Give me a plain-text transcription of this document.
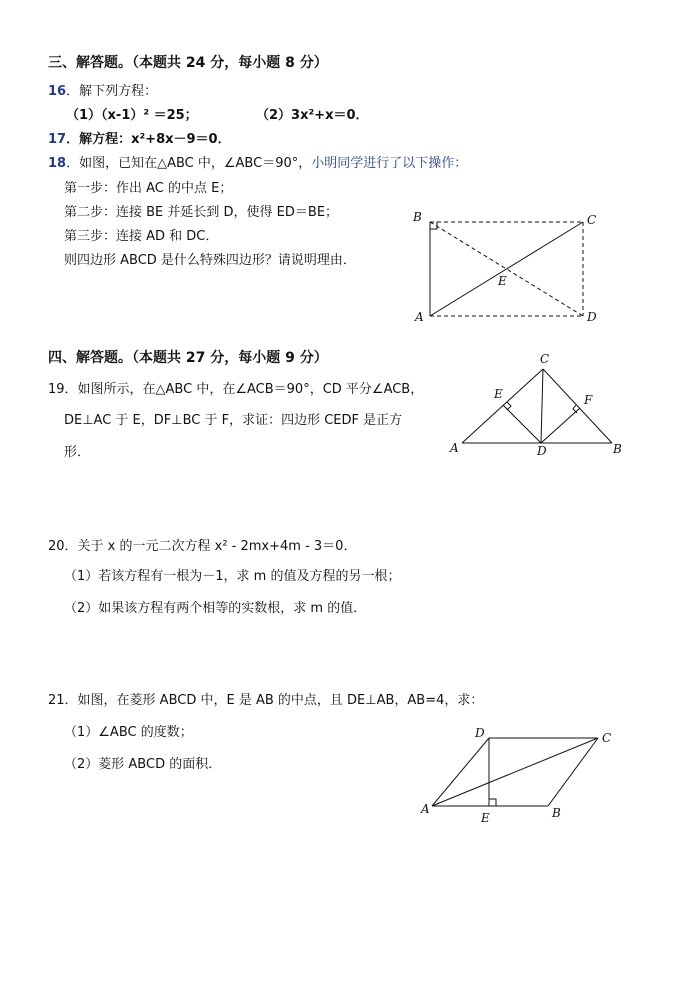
三、解答题。（本题共 24 分，每小题 8 分）
16．解下列方程：
（1）（x-1）² ＝25；	（2）3x²+x＝0．
17．解方程：x²+8x－9＝0．
18．如图，已知在△ABC 中，∠ABC＝90°，小明同学进行了以下操作：
第一步：作出 AC 的中点 E；
第二步：连接 BE 并延长到 D，使得 ED＝BE；
第三步：连接 AD 和 DC．
则四边形 ABCD 是什么特殊四边形？请说明理由．
B	C
A	D
E
四、解答题。（本题共 27 分，每小题 9 分）
19．如图所示，在△ABC 中，在∠ACB＝90°，CD 平分∠ACB，
DE⊥AC 于 E，DF⊥BC 于 F，求证：四边形 CEDF 是正方
形．
C
E	F
A	D	B
20．关于 x 的一元二次方程 x² - 2mx+4m - 3＝0．
（1）若该方程有一根为－1，求 m 的值及方程的另一根；
（2）如果该方程有两个相等的实数根，求 m 的值．
21．如图，在菱形 ABCD 中，E 是 AB 的中点，且 DE⊥AB，AB=4，求：
（1）∠ABC 的度数；
（2）菱形 ABCD 的面积．
D	C
A
E	B
